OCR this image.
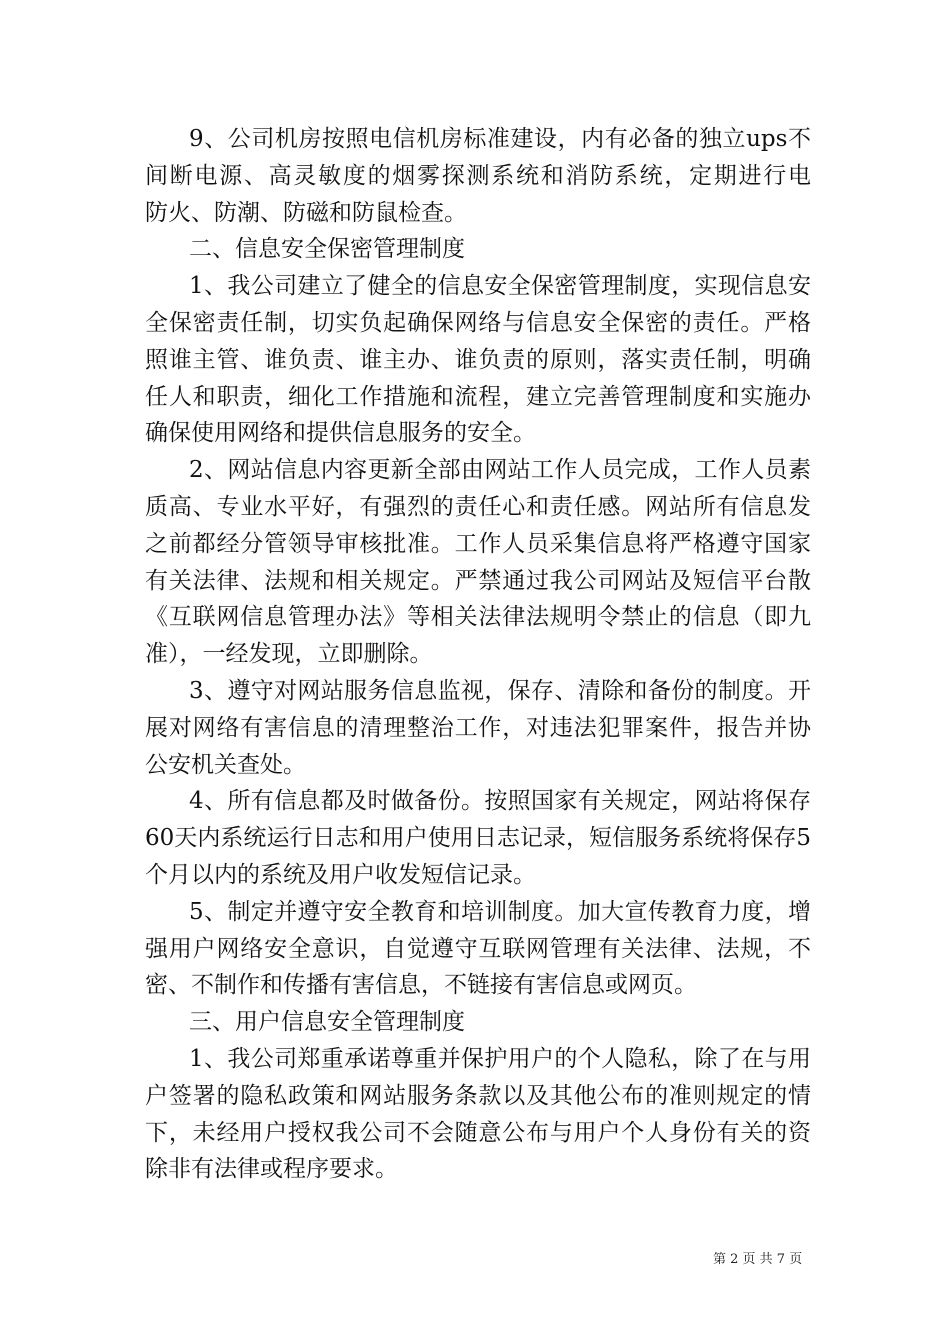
9、公司机房按照电信机房标准建设，内有必备的独立ups不
间断电源、高灵敏度的烟雾探测系统和消防系统，定期进行电
防火、防潮、防磁和防鼠检查。
二、信息安全保密管理制度
1、我公司建立了健全的信息安全保密管理制度，实现信息安
全保密责任制，切实负起确保网络与信息安全保密的责任。严格
照谁主管、谁负责、谁主办、谁负责的原则，落实责任制，明确
任人和职责，细化工作措施和流程，建立完善管理制度和实施办
确保使用网络和提供信息服务的安全。
2、网站信息内容更新全部由网站工作人员完成，工作人员素
质高、专业水平好，有强烈的责任心和责任感。网站所有信息发
之前都经分管领导审核批准。工作人员采集信息将严格遵守国家
有关法律、法规和相关规定。严禁通过我公司网站及短信平台散
《互联网信息管理办法》等相关法律法规明令禁止的信息（即九
准），一经发现，立即删除。
3、遵守对网站服务信息监视，保存、清除和备份的制度。开
展对网络有害信息的清理整治工作，对违法犯罪案件，报告并协
公安机关查处。
4、所有信息都及时做备份。按照国家有关规定，网站将保存
60天内系统运行日志和用户使用日志记录，短信服务系统将保存5
个月以内的系统及用户收发短信记录。
5、制定并遵守安全教育和培训制度。加大宣传教育力度，增
强用户网络安全意识，自觉遵守互联网管理有关法律、法规，不
密、不制作和传播有害信息，不链接有害信息或网页。
三、用户信息安全管理制度
1、我公司郑重承诺尊重并保护用户的个人隐私，除了在与用
户签署的隐私政策和网站服务条款以及其他公布的准则规定的情
下，未经用户授权我公司不会随意公布与用户个人身份有关的资
除非有法律或程序要求。
第 2 页 共 7 页
